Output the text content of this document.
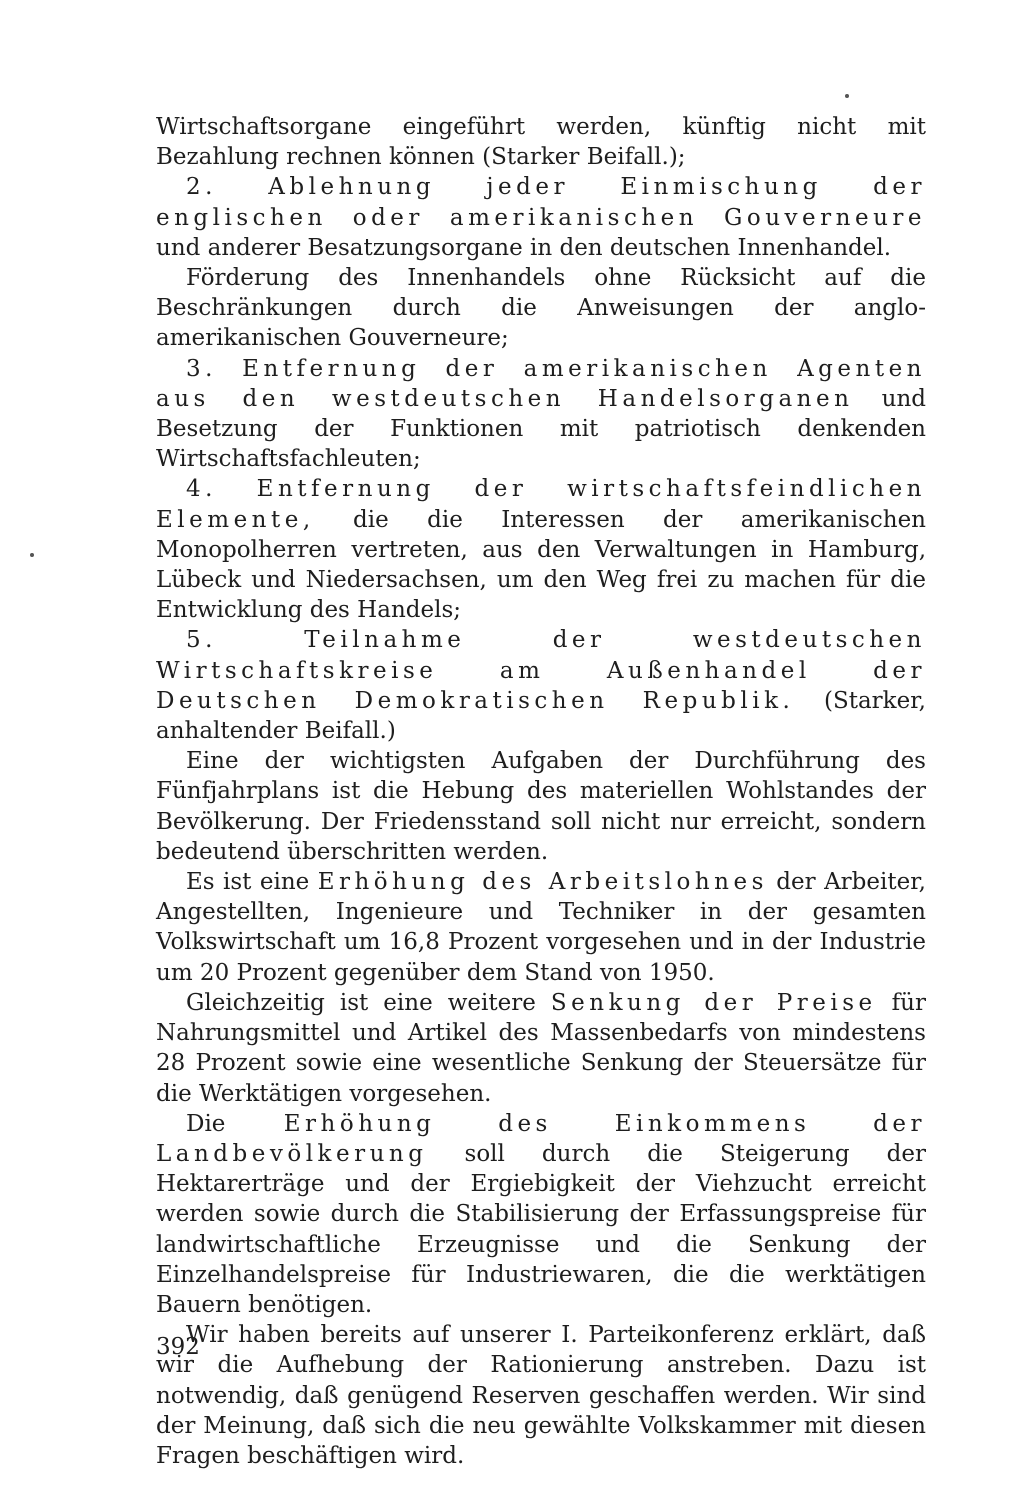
Wirtschaftsorgane eingeführt werden, künftig nicht mit Bezahlung rechnen können (Starker Beifall.);

2. Ablehnung jeder Einmischung der englischen oder amerikanischen Gouverneure und anderer Besatzungsorgane in den deutschen Innenhandel.

Förderung des Innenhandels ohne Rücksicht auf die Beschränkungen durch die Anweisungen der anglo-amerikanischen Gouverneure;

3. Entfernung der amerikanischen Agenten aus den westdeutschen Handelsorganen und Besetzung der Funktionen mit patriotisch denkenden Wirtschaftsfachleuten;

4. Entfernung der wirtschaftsfeindlichen Elemente, die die Interessen der amerikanischen Monopolherren vertreten, aus den Verwaltungen in Hamburg, Lübeck und Niedersachsen, um den Weg frei zu machen für die Entwicklung des Handels;

5. Teilnahme der westdeutschen Wirtschaftskreise am Außenhandel der Deutschen Demokratischen Republik. (Starker, anhaltender Beifall.)

Eine der wichtigsten Aufgaben der Durchführung des Fünfjahrplans ist die Hebung des materiellen Wohlstandes der Bevölkerung. Der Friedensstand soll nicht nur erreicht, sondern bedeutend überschritten werden.

Es ist eine Erhöhung des Arbeitslohnes der Arbeiter, Angestellten, Ingenieure und Techniker in der gesamten Volkswirtschaft um 16,8 Prozent vorgesehen und in der Industrie um 20 Prozent gegenüber dem Stand von 1950.

Gleichzeitig ist eine weitere Senkung der Preise für Nahrungsmittel und Artikel des Massenbedarfs von mindestens 28 Prozent sowie eine wesentliche Senkung der Steuersätze für die Werktätigen vorgesehen.

Die Erhöhung des Einkommens der Landbevölkerung soll durch die Steigerung der Hektarerträge und der Ergiebigkeit der Viehzucht erreicht werden sowie durch die Stabilisierung der Erfassungspreise für landwirtschaftliche Erzeugnisse und die Senkung der Einzelhandelspreise für Industriewaren, die die werktätigen Bauern benötigen.

Wir haben bereits auf unserer I. Parteikonferenz erklärt, daß wir die Aufhebung der Rationierung anstreben. Dazu ist notwendig, daß genügend Reserven geschaffen werden. Wir sind der Meinung, daß sich die neu gewählte Volkskammer mit diesen Fragen beschäftigen wird.

392
